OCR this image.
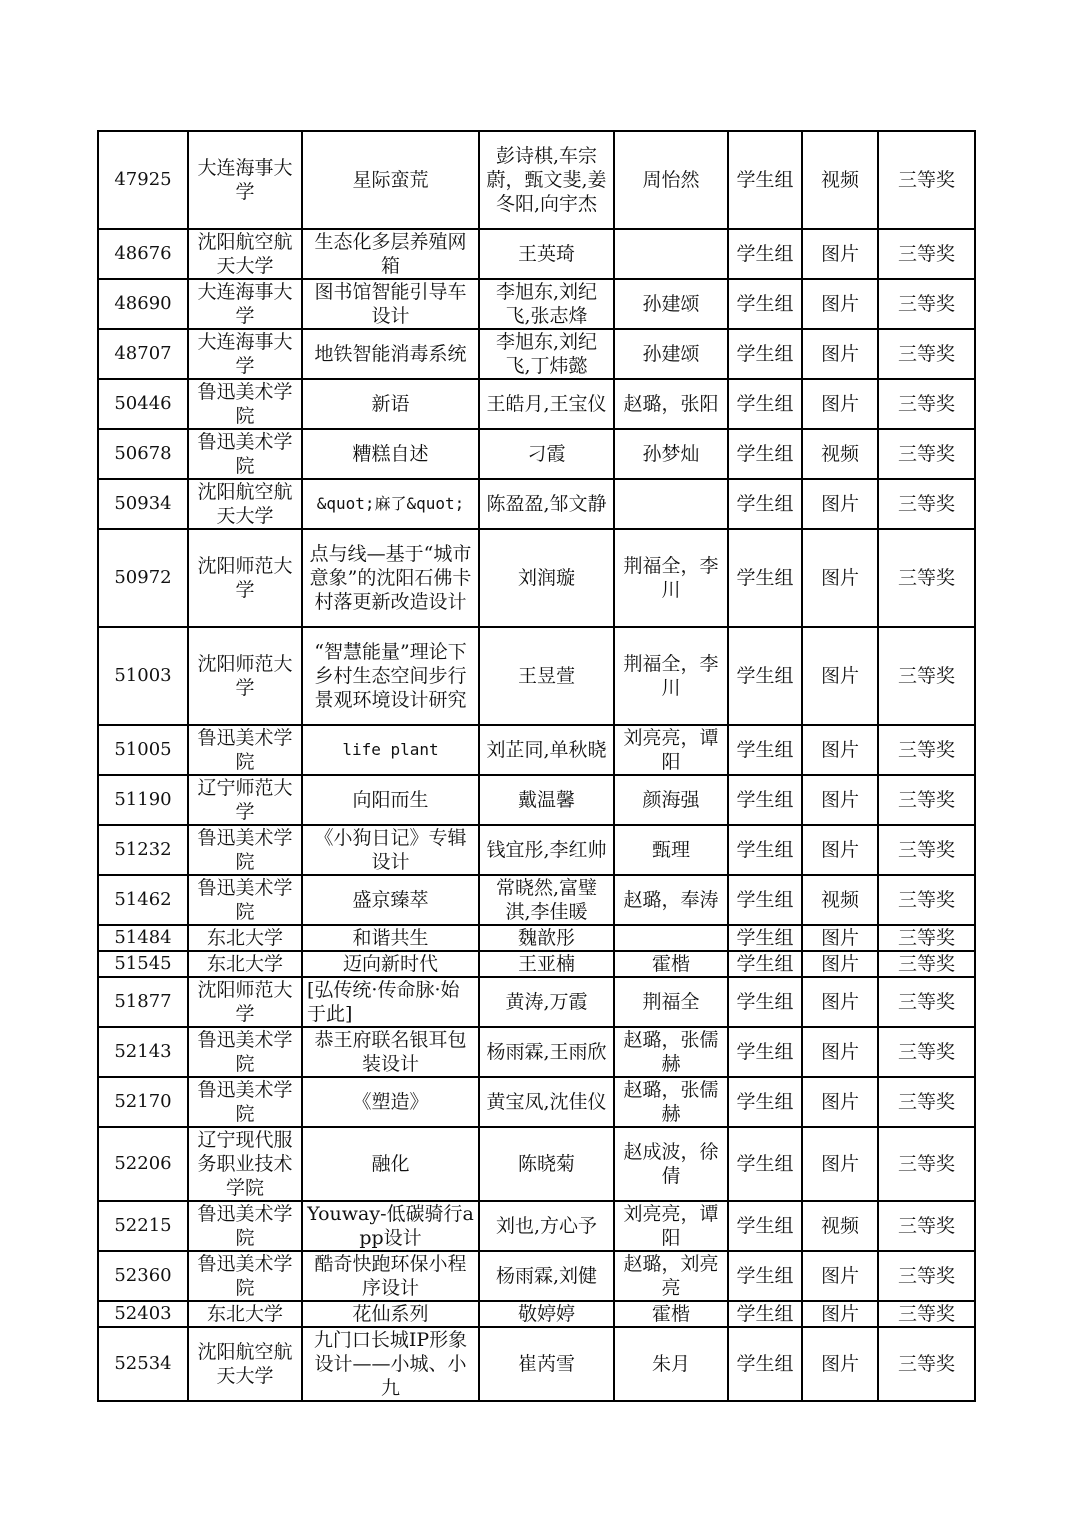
47925	大连海事大学	星际蛮荒	彭诗棋,车宗蔚，甄文斐,姜冬阳,向宇杰	周怡然	学生组	视频	三等奖
48676	沈阳航空航天大学	生态化多层养殖网箱	王英琦		学生组	图片	三等奖
48690	大连海事大学	图书馆智能引导车设计	李旭东,刘纪飞,张志烽	孙建颂	学生组	图片	三等奖
48707	大连海事大学	地铁智能消毒系统	李旭东,刘纪飞,丁炜懿	孙建颂	学生组	图片	三等奖
50446	鲁迅美术学院	新语	王皓月,王宝仪	赵璐，张阳	学生组	图片	三等奖
50678	鲁迅美术学院	糟糕自述	刁霞	孙梦灿	学生组	视频	三等奖
50934	沈阳航空航天大学	&quot;麻了&quot;	陈盈盈,邹文静		学生组	图片	三等奖
50972	沈阳师范大学	点与线—基于“城市意象”的沈阳石佛卡村落更新改造设计	刘润璇	荆福全，李川	学生组	图片	三等奖
51003	沈阳师范大学	“智慧能量”理论下乡村生态空间步行景观环境设计研究	王昱萱	荆福全，李川	学生组	图片	三等奖
51005	鲁迅美术学院	life plant	刘芷同,单秋晓	刘亮亮，谭阳	学生组	图片	三等奖
51190	辽宁师范大学	向阳而生	戴温馨	颜海强	学生组	图片	三等奖
51232	鲁迅美术学院	《小狗日记》专辑设计	钱宜彤,李红帅	甄理	学生组	图片	三等奖
51462	鲁迅美术学院	盛京臻萃	常晓然,富璧淇,李佳暖	赵璐，奉涛	学生组	视频	三等奖
51484	东北大学	和谐共生	魏歆彤		学生组	图片	三等奖
51545	东北大学	迈向新时代	王亚楠	霍楷	学生组	图片	三等奖
51877	沈阳师范大学	[弘传统·传命脉·始于此]	黄涛,万霞	荆福全	学生组	图片	三等奖
52143	鲁迅美术学院	恭王府联名银耳包装设计	杨雨霖,王雨欣	赵璐，张儒赫	学生组	图片	三等奖
52170	鲁迅美术学院	《塑造》	黄宝凤,沈佳仪	赵璐，张儒赫	学生组	图片	三等奖
52206	辽宁现代服务职业技术学院	融化	陈晓菊	赵成波，徐倩	学生组	图片	三等奖
52215	鲁迅美术学院	Youway-低碳骑行app设计	刘也,方心予	刘亮亮，谭阳	学生组	视频	三等奖
52360	鲁迅美术学院	酷奇快跑环保小程序设计	杨雨霖,刘健	赵璐，刘亮亮	学生组	图片	三等奖
52403	东北大学	花仙系列	敬婷婷	霍楷	学生组	图片	三等奖
52534	沈阳航空航天大学	九门口长城IP形象设计——小城、小九	崔芮雪	朱月	学生组	图片	三等奖
